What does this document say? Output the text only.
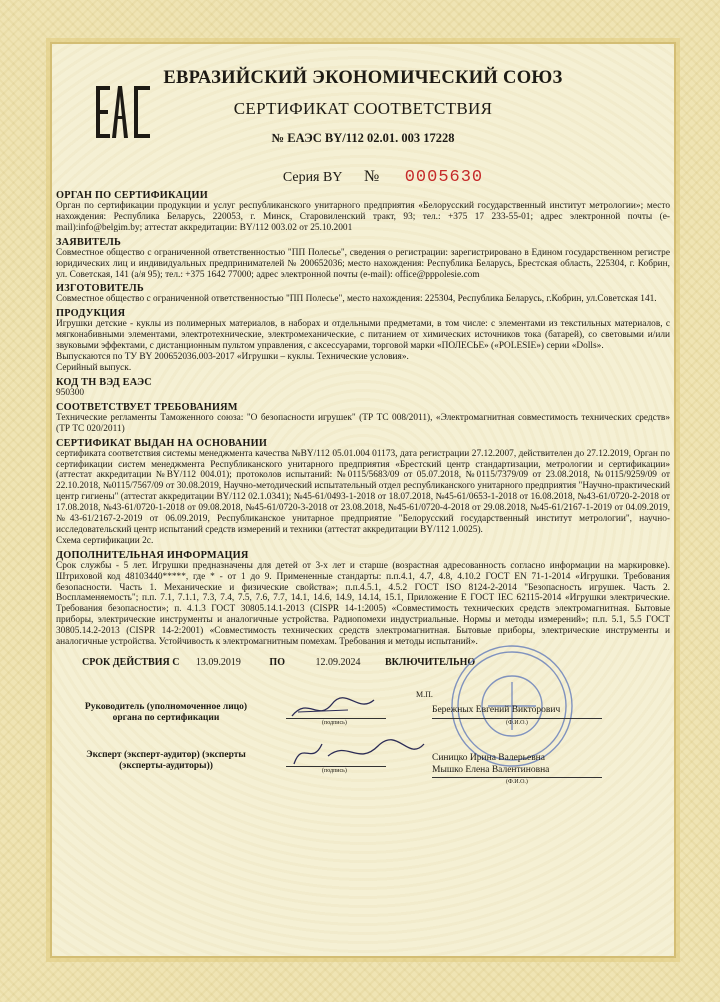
ЕВРАЗИЙСКИЙ ЭКОНОМИЧЕСКИЙ СОЮЗ
СЕРТИФИКАТ СООТВЕТСТВИЯ
№ ЕАЭС BY/112 02.01. 003 17228
Серия BY № 0005630
ОРГАН ПО СЕРТИФИКАЦИИ
Орган по сертификации продукции и услуг республиканского унитарного предприятия «Белорусский государственный институт метрологии»; место нахождения: Республика Беларусь, 220053, г. Минск, Старовиленский тракт, 93; тел.: +375 17 233-55-01; адрес электронной почты (e-mail):info@belgim.by; аттестат аккредитации: BY/112 003.02 от 25.10.2001
ЗАЯВИТЕЛЬ
Совместное общество с ограниченной ответственностью "ПП Полесье", сведения о регистрации: зарегистрировано в Едином государственном регистре юридических лиц и индивидуальных предпринимателей № 200652036; место нахождения: Республика Беларусь, Брестская область, 225304, г. Кобрин, ул. Советская, 141 (а/я 95); тел.: +375 1642 77000; адрес электронной почты (e-mail): office@pppolesie.com
ИЗГОТОВИТЕЛЬ
Совместное общество с ограниченной ответственностью "ПП Полесье", место нахождения: 225304, Республика Беларусь, г.Кобрин, ул.Советская 141.
ПРОДУКЦИЯ
Игрушки детские - куклы из полимерных материалов, в наборах и отдельными предметами, в том числе: с элементами из текстильных материалов, с мягконабивными элементами, электротехнические, электромеханические, с питанием от химических источников тока (батарей), со световыми и/или звуковыми эффектами, с дистанционным пультом управления, с аксессуарами, торговой марки «ПОЛЕСЬЕ» («POLESIE») серии «Dolls».
Выпускаются по ТУ BY 200652036.003-2017 «Игрушки – куклы. Технические условия».
Серийный выпуск.
КОД ТН ВЭД ЕАЭС
950300
СООТВЕТСТВУЕТ ТРЕБОВАНИЯМ
Технические регламенты Таможенного союза: "О безопасности игрушек" (ТР ТС 008/2011), «Электромагнитная совместимость технических средств» (ТР ТС 020/2011)
СЕРТИФИКАТ ВЫДАН НА ОСНОВАНИИ
сертификата соответствия системы менеджмента качества №BY/112 05.01.004 01173, дата регистрации 27.12.2007, действителен до 27.12.2019, Орган по сертификации систем менеджмента Республиканского унитарного предприятия «Брестский центр стандартизации, метрологии и сертификации» (аттестат аккредитации №BY/112 004.01); протоколов испытаний: №0115/5683/09 от 05.07.2018, №0115/7379/09 от 23.08.2018, №0115/9259/09 от 22.10.2018, №0115/7567/09 от 30.08.2019, Научно-методический испытательный отдел республиканского унитарного предприятия "Научно-практический центр гигиены" (аттестат аккредитации BY/112 02.1.0341); №45-61/0493-1-2018 от 18.07.2018, №45-61/0653-1-2018 от 16.08.2018, №43-61/0720-2-2018 от 17.08.2018, №43-61/0720-1-2018 от 09.08.2018, №45-61/0720-3-2018 от 23.08.2018, №45-61/0720-4-2018 от 29.08.2018, №45-61/2167-1-2019 от 04.09.2019, №43-61/2167-2-2019 от 06.09.2019, Республиканское унитарное предприятие "Белорусский государственный институт метрологии", научно-исследовательский центр испытаний средств измерений и техники (аттестат аккредитации BY/112 1.0025).
Схема сертификации 2с.
ДОПОЛНИТЕЛЬНАЯ ИНФОРМАЦИЯ
Срок службы - 5 лет. Игрушки предназначены для детей от 3-х лет и старше (возрастная адресованность согласно информации на маркировке). Штриховой код 48103440*****, где * - от 1 до 9. Примененные стандарты: п.п.4.1, 4.7, 4.8, 4.10.2 ГОСТ EN 71-1-2014 «Игрушки. Требования безопасности. Часть 1. Механические и физические свойства»; п.п.4.5.1, 4.5.2 ГОСТ ISO 8124-2-2014 "Безопасность игрушек. Часть 2. Воспламеняемость"; п.п. 7.1, 7.1.1, 7.3, 7.4, 7.5, 7.6, 7.7, 14.1, 14.6, 14.9, 14.14, 15.1, Приложение Е ГОСТ IEC 62115-2014 «Игрушки электрические. Требования безопасности»; п. 4.1.3 ГОСТ 30805.14.1-2013 (CISPR 14-1:2005) «Совместимость технических средств электромагнитная. Бытовые приборы, электрические инструменты и аналогичные устройства. Радиопомехи индустриальные. Нормы и методы измерений»; п.п. 5.1, 5.5 ГОСТ 30805.14.2-2013 (CISPR 14-2:2001) «Совместимость технических средств электромагнитная. Бытовые приборы, электрические инструменты и аналогичные устройства. Устойчивость к электромагнитным помехам. Требования и методы испытаний».
СРОК ДЕЙСТВИЯ С 13.09.2019	ПО	12.09.2024 ВКЛЮЧИТЕЛЬНО
Руководитель (уполномоченное лицо) органа по сертификации
М.П.
(подпись)
Бережных Евгений Викторович
(Ф.И.О.)
Эксперт (эксперт-аудитор) (эксперты (эксперты-аудиторы))	(подпись)
Синицко Ирина Валерьевна
Мышко Елена Валентиновна
(Ф.И.О.)
